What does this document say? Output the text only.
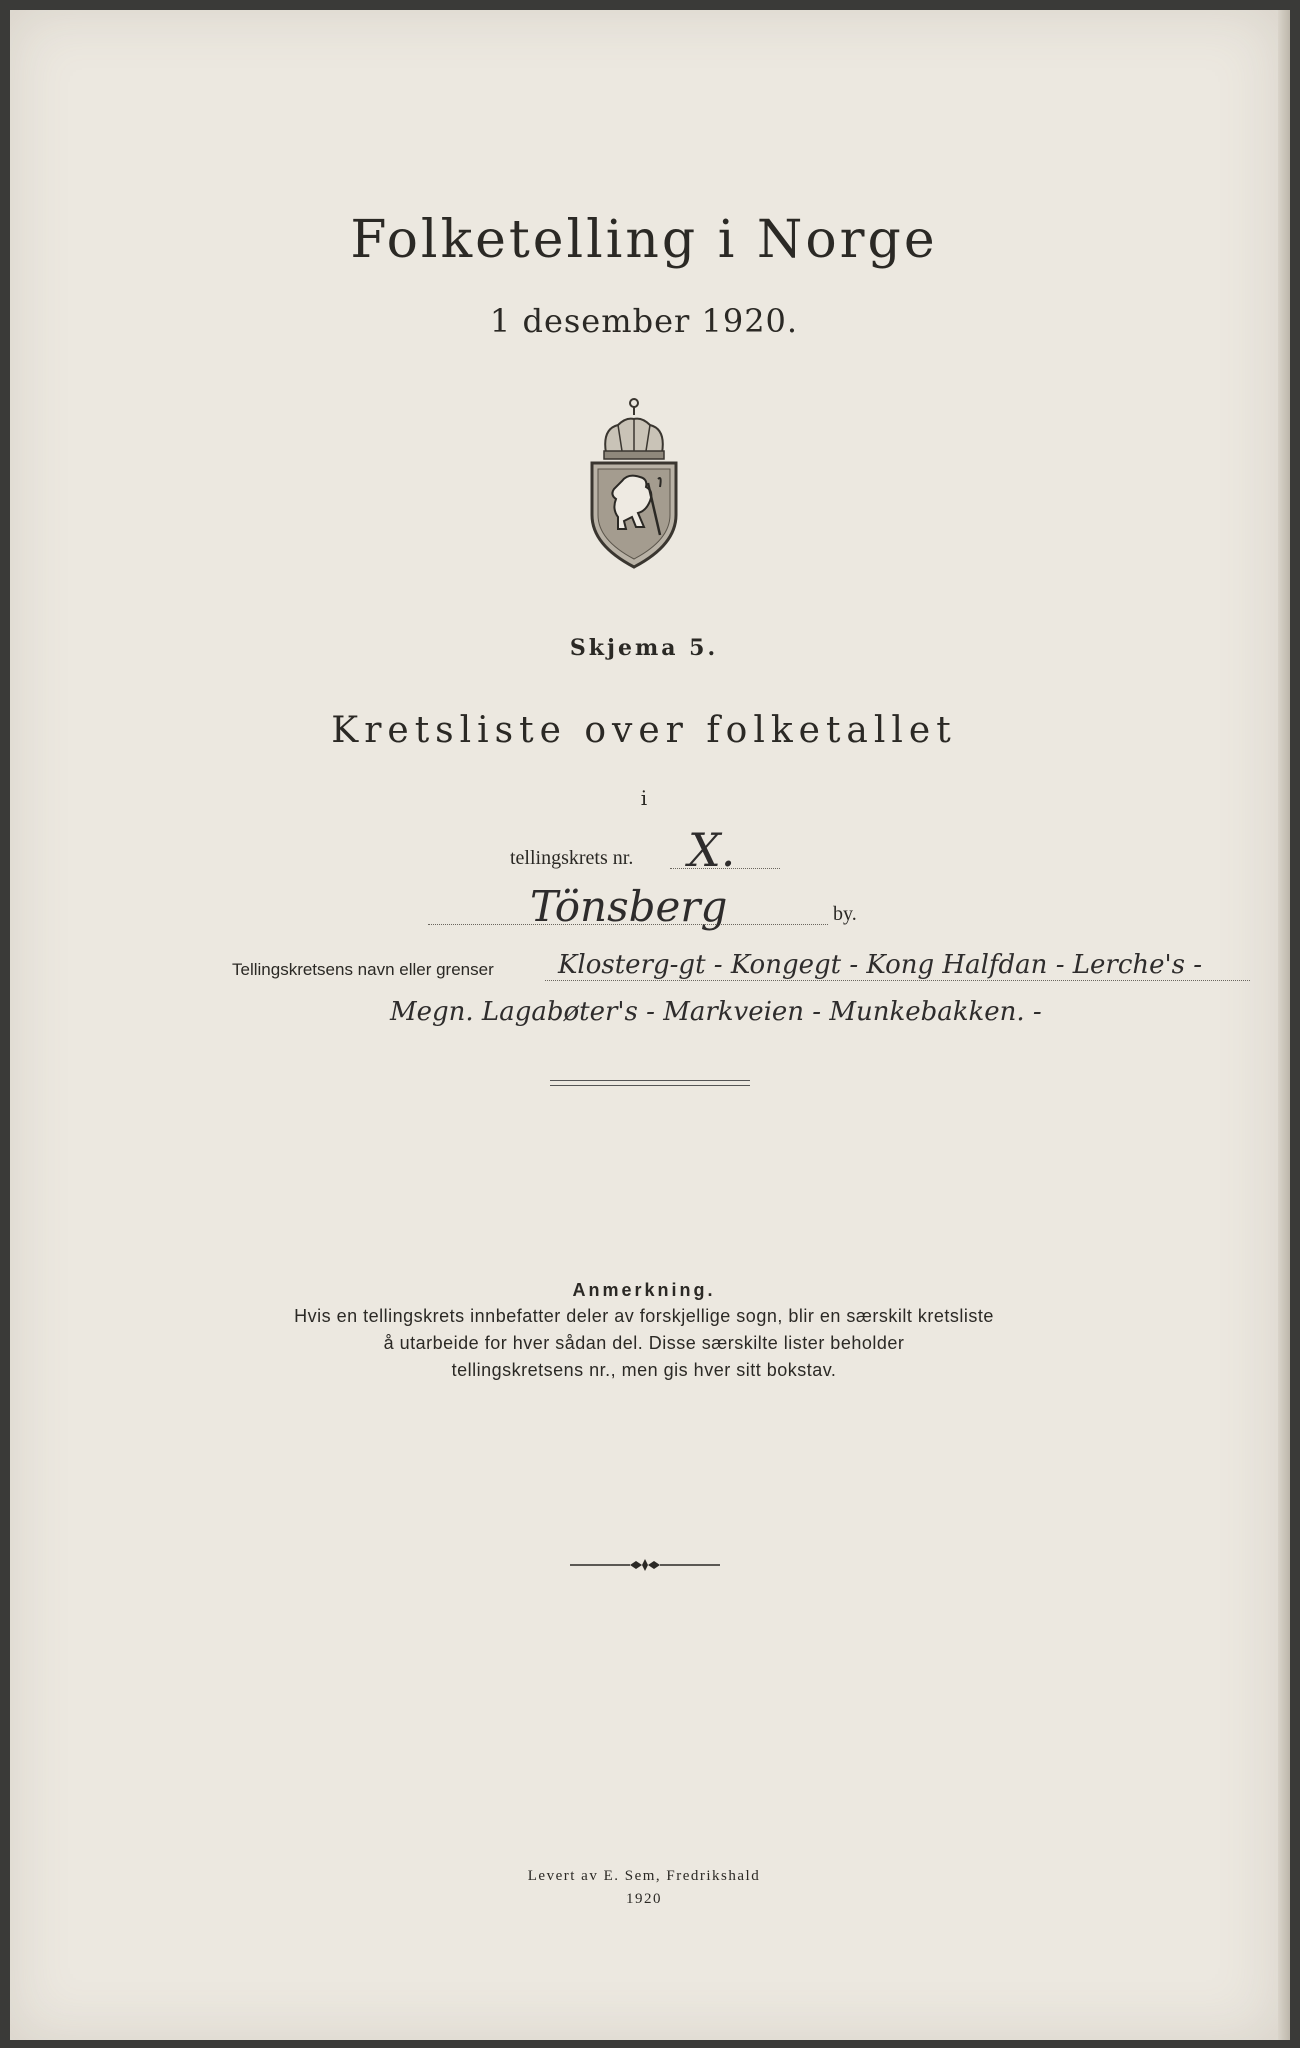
Folketelling i Norge
1 desember 1920.
Skjema 5.
Kretsliste over folketallet
i
tellingskrets nr. X.
Tönsberg	by.
Tellingskretsens navn eller grenser Klosterg-gt - Kongegt - Kong Halfdan - Lerche's -
Megn. Lagabøter's - Markveien - Munkebakken. -
Anmerkning.
Hvis en tellingskrets innbefatter deler av forskjellige sogn, blir en særskilt kretsliste
å utarbeide for hver sådan del. Disse særskilte lister beholder
tellingskretsens nr., men gis hver sitt bokstav.
Levert av E. Sem, Fredrikshald
1920
